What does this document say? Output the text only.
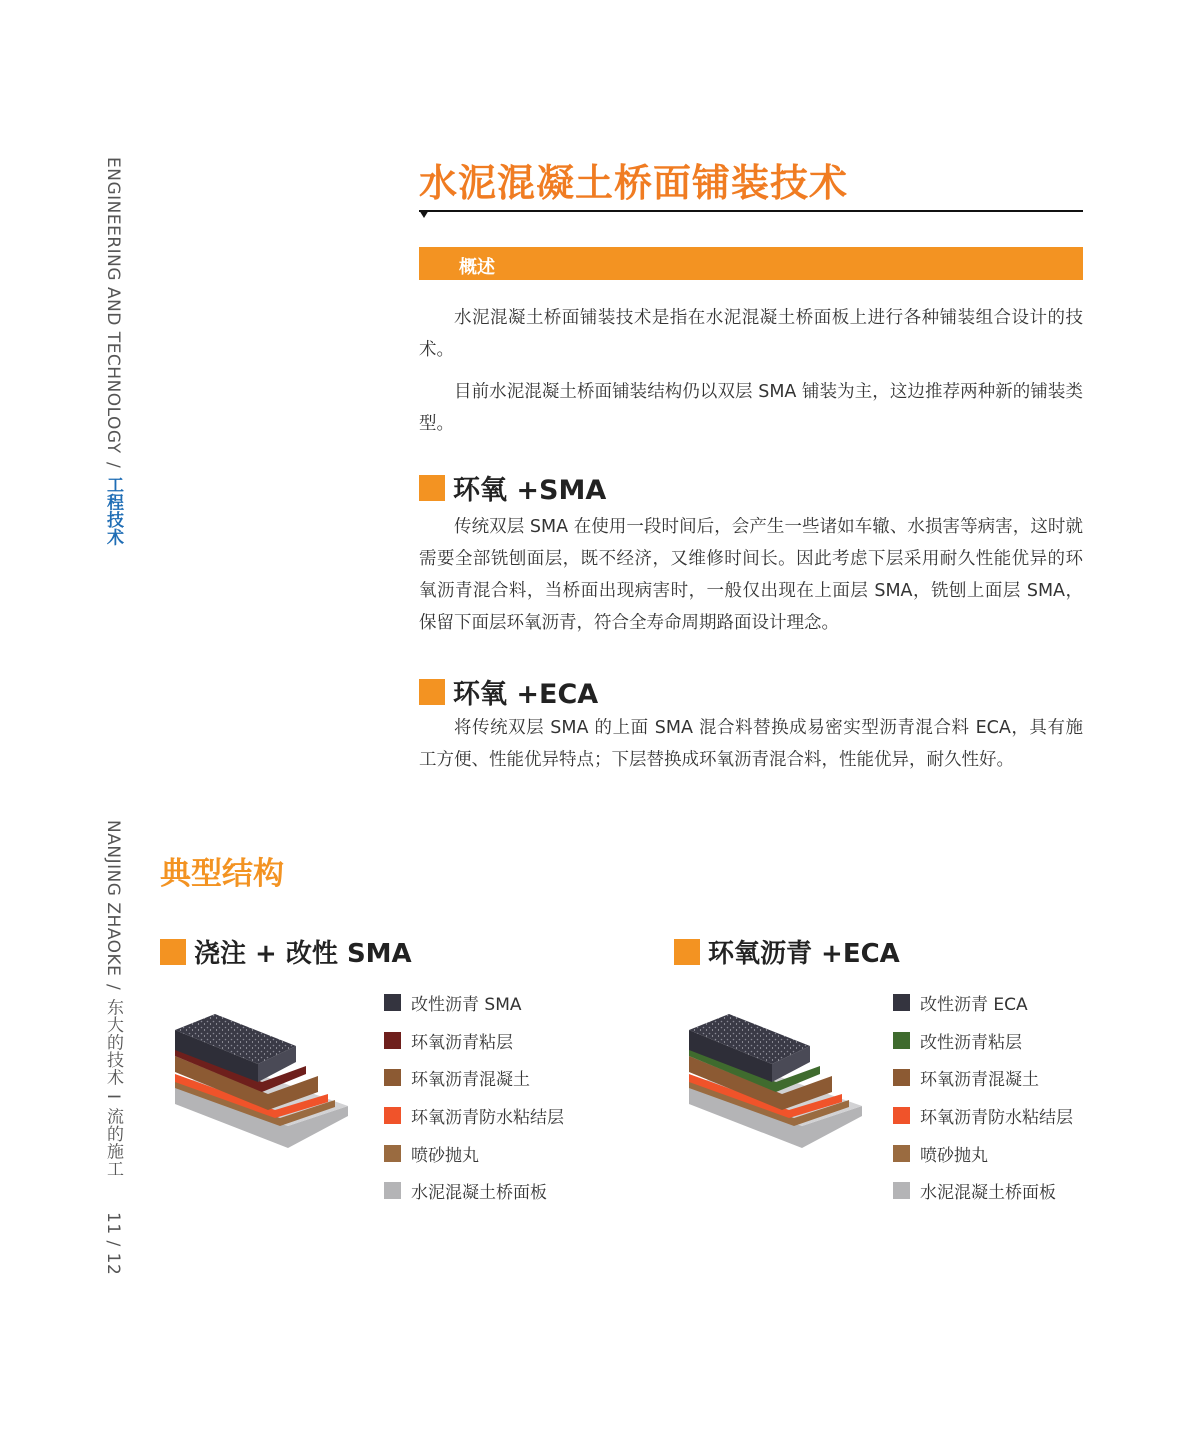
ENGINEERING AND TECHNOLOGY/工程技术
NANJING ZHAOKE/东大的技术I流的施工11 / 12
水泥混凝土桥面铺装技术
概述

水泥混凝土桥面铺装技术是指在水泥混凝土桥面板上进行各种铺装组合设计的技术。

目前水泥混凝土桥面铺装结构仍以双层 SMA 铺装为主，这边推荐两种新的铺装类型。

环氧 +SMA

传统双层 SMA 在使用一段时间后，会产生一些诸如车辙、水损害等病害，这时就需要全部铣刨面层，既不经济，又维修时间长。因此考虑下层采用耐久性能优异的环氧沥青混合料，当桥面出现病害时，一般仅出现在上面层 SMA，铣刨上面层 SMA，保留下面层环氧沥青，符合全寿命周期路面设计理念。

环氧 +ECA

将传统双层 SMA 的上面 SMA 混合料替换成易密实型沥青混合料 ECA，具有施工方便、性能优异特点；下层替换成环氧沥青混合料，性能优异，耐久性好。

典型结构
浇注 + 改性 SMA	环氧沥青 +ECA
改性沥青 SMA
环氧沥青粘层
环氧沥青混凝土
环氧沥青防水粘结层
喷砂抛丸
水泥混凝土桥面板
改性沥青 ECA
改性沥青粘层
环氧沥青混凝土
环氧沥青防水粘结层
喷砂抛丸
水泥混凝土桥面板
